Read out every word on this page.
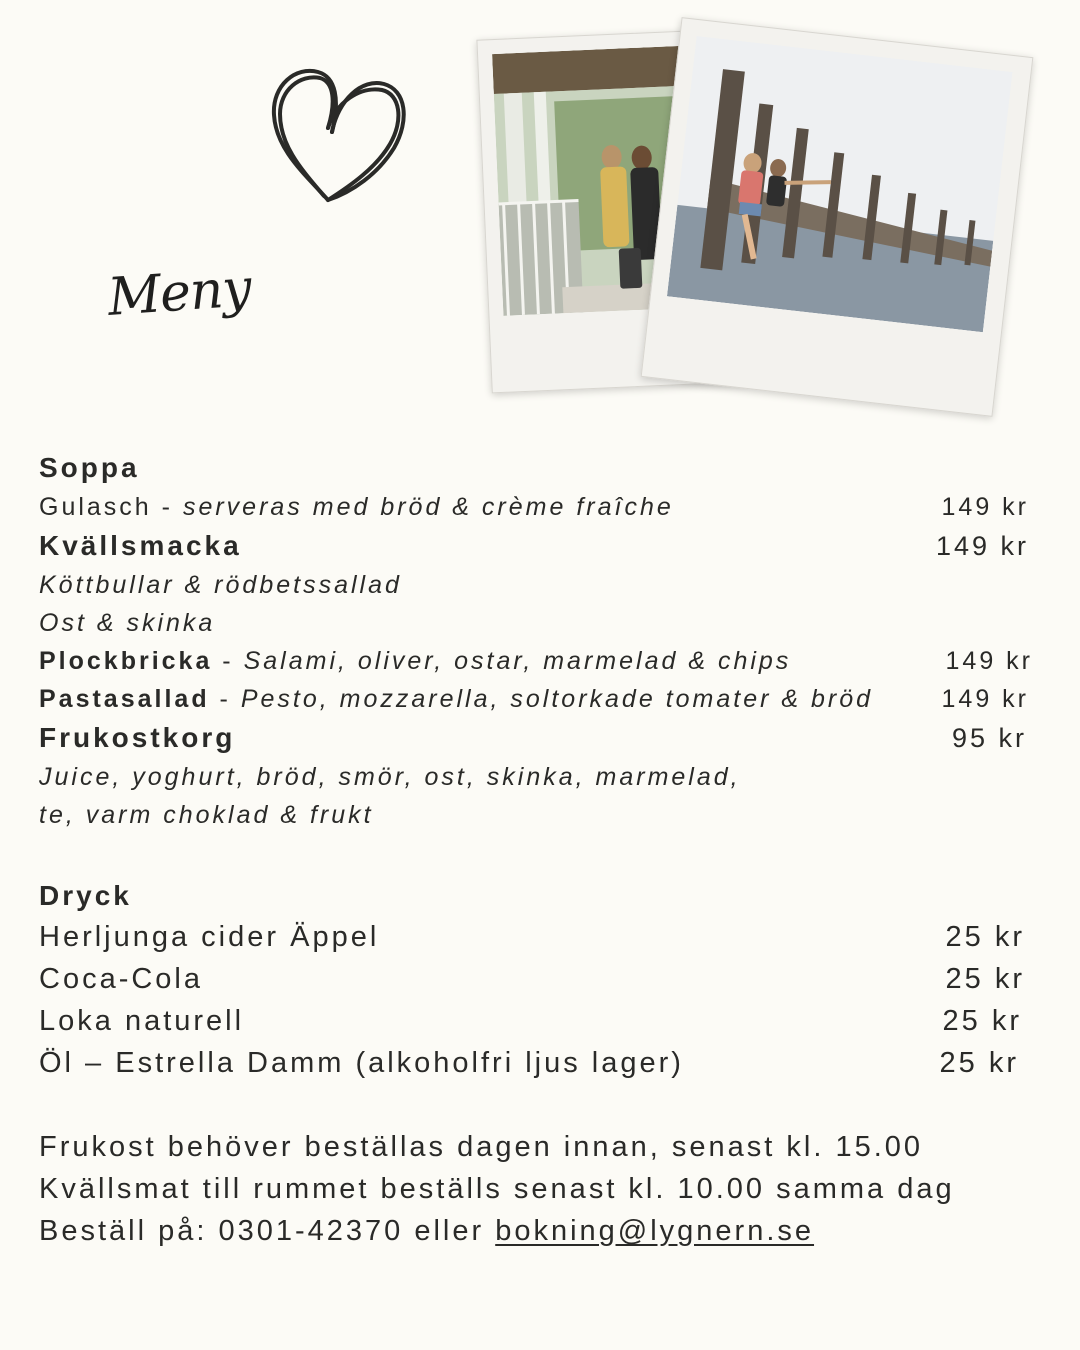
Meny
Soppa
Gulasch - serveras med bröd & crème fraîche	149 kr
Kvällsmacka	149 kr
Köttbullar & rödbetssallad
Ost & skinka
Plockbricka - Salami, oliver, ostar, marmelad & chips	149 kr
Pastasallad - Pesto, mozzarella, soltorkade tomater & bröd	149 kr
Frukostkorg	95 kr
Juice, yoghurt, bröd, smör, ost, skinka, marmelad,
te, varm choklad & frukt
Dryck
Herljunga cider Äppel	25 kr
Coca-Cola	25 kr
Loka naturell	25 kr
Öl – Estrella Damm (alkoholfri ljus lager)	25 kr
Frukost behöver beställas dagen innan, senast kl. 15.00
Kvällsmat till rummet beställs senast kl. 10.00 samma dag
Beställ på: 0301-42370 eller bokning@lygnern.se
